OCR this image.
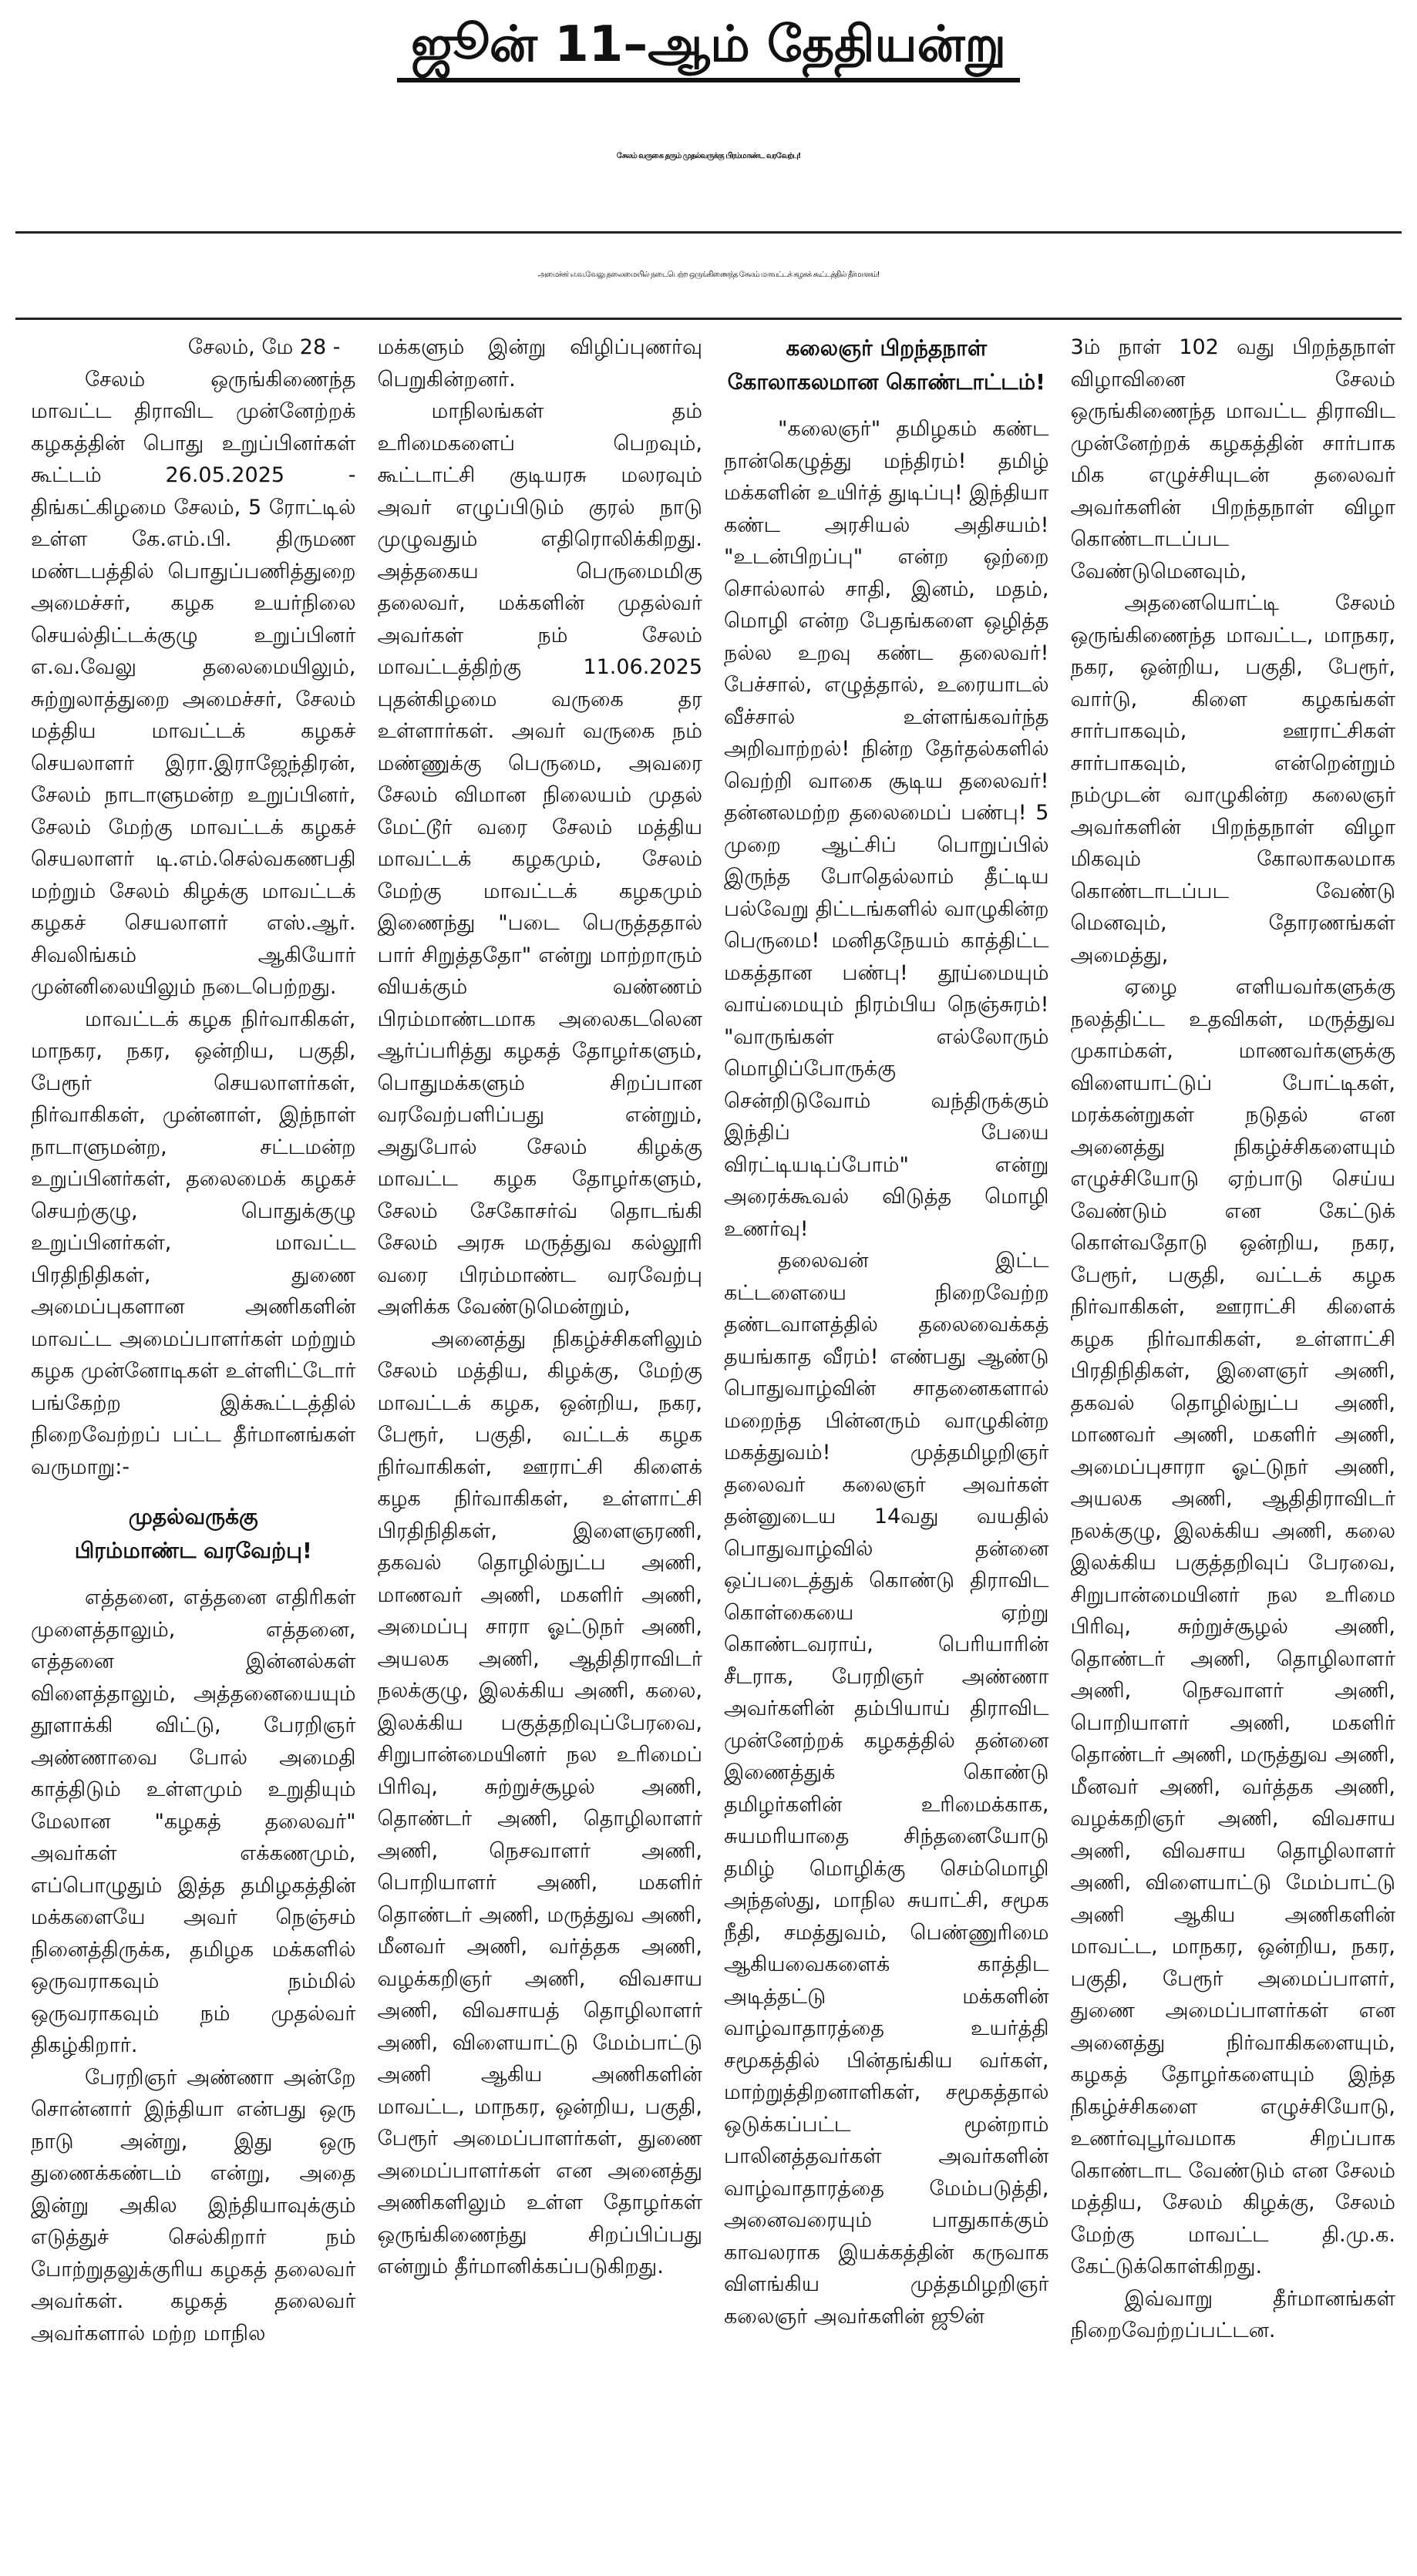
ஜூன் 11–ஆம் தேதியன்று
சேலம் வருகை தரும் முதல்வருக்கு பிரம்மாண்ட வரவேற்பு!
அமைச்சர் எ.வ.வேலு தலைமையில் நடைபெற்ற ஒருங்கிணைந்த சேலம் மாவட்டக் கழகக் கூட்டத்தில் தீர்மானம்!

சேலம், மே 28 -

சேலம் ஒருங்கிணைந்த மாவட்ட திராவிட முன்னேற்றக் கழகத்தின் பொது உறுப்பினர்கள் கூட்டம் 26.05.2025 - திங்கட்கிழமை சேலம், 5 ரோட்டில் உள்ள கே.எம்.பி. திருமண மண்டபத்தில் பொதுப்பணித்துறை அமைச்சர், கழக உயர்நிலை செயல்திட்டக்குழு உறுப்பினர் எ.வ.வேலு தலைமையிலும், சுற்றுலாத்துறை அமைச்சர், சேலம் மத்திய மாவட்டக் கழகச் செயலாளர் இரா.இராஜேந்திரன், சேலம் நாடாளுமன்ற உறுப்பினர், சேலம் மேற்கு மாவட்டக் கழகச் செயலாளர் டி.எம்.செல்வகணபதி மற்றும் சேலம் கிழக்கு மாவட்டக் கழகச் செயலாளர் எஸ்.ஆர். சிவலிங்கம் ஆகியோர் முன்னிலையிலும் நடைபெற்றது.

மாவட்டக் கழக நிர்வாகிகள், மாநகர, நகர, ஒன்றிய, பகுதி, பேரூர் செயலாளர்கள், நிர்வாகிகள், முன்னாள், இந்நாள் நாடாளுமன்ற, சட்டமன்ற உறுப்பினர்கள், தலைமைக் கழகச் செயற்குழு, பொதுக்குழு உறுப்பினர்கள், மாவட்ட பிரதிநிதிகள், துணை அமைப்புகளான அணிகளின் மாவட்ட அமைப்பாளர்கள் மற்றும் கழக முன்னோடிகள் உள்ளிட்டோர் பங்கேற்ற இக்கூட்டத்தில் நிறைவேற்றப் பட்ட தீர்மானங்கள் வருமாறு:-

முதல்வருக்கு
பிரம்மாண்ட வரவேற்பு!

எத்தனை, எத்தனை எதிரிகள் முளைத்தாலும், எத்தனை, எத்தனை இன்னல்கள் விளைத்தாலும், அத்தனையையும் தூளாக்கி விட்டு, பேரறிஞர் அண்ணாவை போல் அமைதி காத்திடும் உள்ளமும் உறுதியும் மேலான "கழகத் தலைவர்" அவர்கள் எக்கணமும், எப்பொழுதும் இத்த தமிழகத்தின் மக்களையே அவர் நெஞ்சம் நினைத்திருக்க, தமிழக மக்களில் ஒருவராகவும் நம்மில் ஒருவராகவும் நம் முதல்வர் திகழ்கிறார்.

பேரறிஞர் அண்ணா அன்றே சொன்னார் இந்தியா என்பது ஒரு நாடு அன்று, இது ஒரு துணைக்கண்டம் என்று, அதை இன்று அகில இந்தியாவுக்கும் எடுத்துச் செல்கிறார் நம் போற்றுதலுக்குரிய கழகத் தலைவர் அவர்கள். கழகத் தலைவர் அவர்களால் மற்ற மாநில

மக்களும் இன்று விழிப்புணர்வு பெறுகின்றனர்.

மாநிலங்கள் தம் உரிமைகளைப் பெறவும், கூட்டாட்சி குடியரசு மலரவும் அவர் எழுப்பிடும் குரல் நாடு முழுவதும் எதிரொலிக்கிறது. அத்தகைய பெருமைமிகு தலைவர், மக்களின் முதல்வர் அவர்கள் நம் சேலம் மாவட்டத்திற்கு 11.06.2025 புதன்கிழமை வருகை தர உள்ளார்கள். அவர் வருகை நம் மண்ணுக்கு பெருமை, அவரை சேலம் விமான நிலையம் முதல் மேட்டூர் வரை சேலம் மத்திய மாவட்டக் கழகமும், சேலம் மேற்கு மாவட்டக் கழகமும் இணைந்து "படை பெருத்ததால் பார் சிறுத்ததோ" என்று மாற்றாரும் வியக்கும் வண்ணம் பிரம்மாண்டமாக அலைகடலென ஆர்ப்பரித்து கழகத் தோழர்களும், பொதுமக்களும் சிறப்பான வரவேற்பளிப்பது என்றும், அதுபோல் சேலம் கிழக்கு மாவட்ட கழக தோழர்களும், சேலம் சேகோசர்வ் தொடங்கி சேலம் அரசு மருத்துவ கல்லூரி வரை பிரம்மாண்ட வரவேற்பு அளிக்க வேண்டுமென்றும்,

அனைத்து நிகழ்ச்சிகளிலும் சேலம் மத்திய, கிழக்கு, மேற்கு மாவட்டக் கழக, ஒன்றிய, நகர, பேரூர், பகுதி, வட்டக் கழக நிர்வாகிகள், ஊராட்சி கிளைக் கழக நிர்வாகிகள், உள்ளாட்சி பிரதிநிதிகள், இளைஞரணி, தகவல் தொழில்நுட்ப அணி, மாணவர் அணி, மகளிர் அணி, அமைப்பு சாரா ஓட்டுநர் அணி, அயலக அணி, ஆதிதிராவிடர் நலக்குழு, இலக்கிய அணி, கலை, இலக்கிய பகுத்தறிவுப்பேரவை, சிறுபான்மையினர் நல உரிமைப் பிரிவு, சுற்றுச்சூழல் அணி, தொண்டர் அணி, தொழிலாளர் அணி, நெசவாளர் அணி, பொறியாளர் அணி, மகளிர் தொண்டர் அணி, மருத்துவ அணி, மீனவர் அணி, வர்த்தக அணி, வழக்கறிஞர் அணி, விவசாய அணி, விவசாயத் தொழிலாளர் அணி, விளையாட்டு மேம்பாட்டு அணி ஆகிய அணிகளின் மாவட்ட, மாநகர, ஒன்றிய, பகுதி, பேரூர் அமைப்பாளர்கள், துணை அமைப்பாளர்கள் என அனைத்து அணிகளிலும் உள்ள தோழர்கள் ஒருங்கிணைந்து சிறப்பிப்பது என்றும் தீர்மானிக்கப்படுகிறது.

கலைஞர் பிறந்தநாள்
கோலாகலமான கொண்டாட்டம்!

"கலைஞர்" தமிழகம் கண்ட நான்கெழுத்து மந்திரம்! தமிழ் மக்களின் உயிர்த் துடிப்பு! இந்தியா கண்ட அரசியல் அதிசயம்! "உடன்பிறப்பு" என்ற ஒற்றை சொல்லால் சாதி, இனம், மதம், மொழி என்ற பேதங்களை ஒழித்த நல்ல உறவு கண்ட தலைவர்! பேச்சால், எழுத்தால், உரையாடல் வீச்சால் உள்ளங்கவர்ந்த அறிவாற்றல்! நின்ற தேர்தல்களில் வெற்றி வாகை சூடிய தலைவர்! தன்னலமற்ற தலைமைப் பண்பு! 5 முறை ஆட்சிப் பொறுப்பில் இருந்த போதெல்லாம் தீட்டிய பல்வேறு திட்டங்களில் வாழுகின்ற பெருமை! மனிதநேயம் காத்திட்ட மகத்தான பண்பு! தூய்மையும் வாய்மையும் நிரம்பிய நெஞ்சுரம்! "வாருங்கள் எல்லோரும் மொழிப்போருக்கு சென்றிடுவோம் வந்திருக்கும் இந்திப் பேயை விரட்டியடிப்போம்" என்று அரைக்கூவல் விடுத்த மொழி உணர்வு!

தலைவன் இட்ட கட்டளையை நிறைவேற்ற தண்டவாளத்தில் தலைவைக்கத் தயங்காத வீரம்! எண்பது ஆண்டு பொதுவாழ்வின் சாதனைகளால் மறைந்த பின்னரும் வாழுகின்ற மகத்துவம்! முத்தமிழறிஞர் தலைவர் கலைஞர் அவர்கள் தன்னுடைய 14வது வயதில் பொதுவாழ்வில் தன்னை ஒப்படைத்துக் கொண்டு திராவிட கொள்கையை ஏற்று கொண்டவராய், பெரியாரின் சீடராக, பேரறிஞர் அண்ணா அவர்களின் தம்பியாய் திராவிட முன்னேற்றக் கழகத்தில் தன்னை இணைத்துக் கொண்டு தமிழர்களின் உரிமைக்காக, சுயமரியாதை சிந்தனையோடு தமிழ் மொழிக்கு செம்மொழி அந்தஸ்து, மாநில சுயாட்சி, சமூக நீதி, சமத்துவம், பெண்ணுரிமை ஆகியவைகளைக் காத்திட அடித்தட்டு மக்களின் வாழ்வாதாரத்தை உயர்த்தி சமூகத்தில் பின்தங்கிய வர்கள், மாற்றுத்திறனாளிகள், சமூகத்தால் ஒடுக்கப்பட்ட மூன்றாம் பாலினத்தவர்கள் அவர்களின் வாழ்வாதாரத்தை மேம்படுத்தி, அனைவரையும் பாதுகாக்கும் காவலராக இயக்கத்தின் கருவாக விளங்கிய முத்தமிழறிஞர் கலைஞர் அவர்களின் ஜூன்

3ம் நாள் 102 வது பிறந்தநாள் விழாவினை சேலம் ஒருங்கிணைந்த மாவட்ட திராவிட முன்னேற்றக் கழகத்தின் சார்பாக மிக எழுச்சியுடன் தலைவர் அவர்களின் பிறந்தநாள் விழா கொண்டாடப்பட வேண்டுமெனவும்,

அதனையொட்டி சேலம் ஒருங்கிணைந்த மாவட்ட, மாநகர, நகர, ஒன்றிய, பகுதி, பேரூர், வார்டு, கிளை கழகங்கள் சார்பாகவும், ஊராட்சிகள் சார்பாகவும், என்றென்றும் நம்முடன் வாழுகின்ற கலைஞர் அவர்களின் பிறந்தநாள் விழா மிகவும் கோலாகலமாக கொண்டாடப்பட வேண்டு மெனவும், தோரணங்கள் அமைத்து,

ஏழை எளியவர்களுக்கு நலத்திட்ட உதவிகள், மருத்துவ முகாம்கள், மாணவர்களுக்கு விளையாட்டுப் போட்டிகள், மரக்கன்றுகள் நடுதல் என அனைத்து நிகழ்ச்சிகளையும் எழுச்சியோடு ஏற்பாடு செய்ய வேண்டும் என கேட்டுக் கொள்வதோடு ஒன்றிய, நகர, பேரூர், பகுதி, வட்டக் கழக நிர்வாகிகள், ஊராட்சி கிளைக் கழக நிர்வாகிகள், உள்ளாட்சி பிரதிநிதிகள், இளைஞர் அணி, தகவல் தொழில்நுட்ப அணி, மாணவர் அணி, மகளிர் அணி, அமைப்புசாரா ஓட்டுநர் அணி, அயலக அணி, ஆதிதிராவிடர் நலக்குழு, இலக்கிய அணி, கலை இலக்கிய பகுத்தறிவுப் பேரவை, சிறுபான்மையினர் நல உரிமை பிரிவு, சுற்றுச்சூழல் அணி, தொண்டர் அணி, தொழிலாளர் அணி, நெசவாளர் அணி, பொறியாளர் அணி, மகளிர் தொண்டர் அணி, மருத்துவ அணி, மீனவர் அணி, வர்த்தக அணி, வழக்கறிஞர் அணி, விவசாய அணி, விவசாய தொழிலாளர் அணி, விளையாட்டு மேம்பாட்டு அணி ஆகிய அணிகளின் மாவட்ட, மாநகர, ஒன்றிய, நகர, பகுதி, பேரூர் அமைப்பாளர், துணை அமைப்பாளர்கள் என அனைத்து நிர்வாகிகளையும், கழகத் தோழர்களையும் இந்த நிகழ்ச்சிகளை எழுச்சியோடு, உணர்வுபூர்வமாக சிறப்பாக கொண்டாட வேண்டும் என சேலம் மத்திய, சேலம் கிழக்கு, சேலம் மேற்கு மாவட்ட தி.மு.க. கேட்டுக்கொள்கிறது.

இவ்வாறு தீர்மானங்கள் நிறைவேற்றப்பட்டன.
